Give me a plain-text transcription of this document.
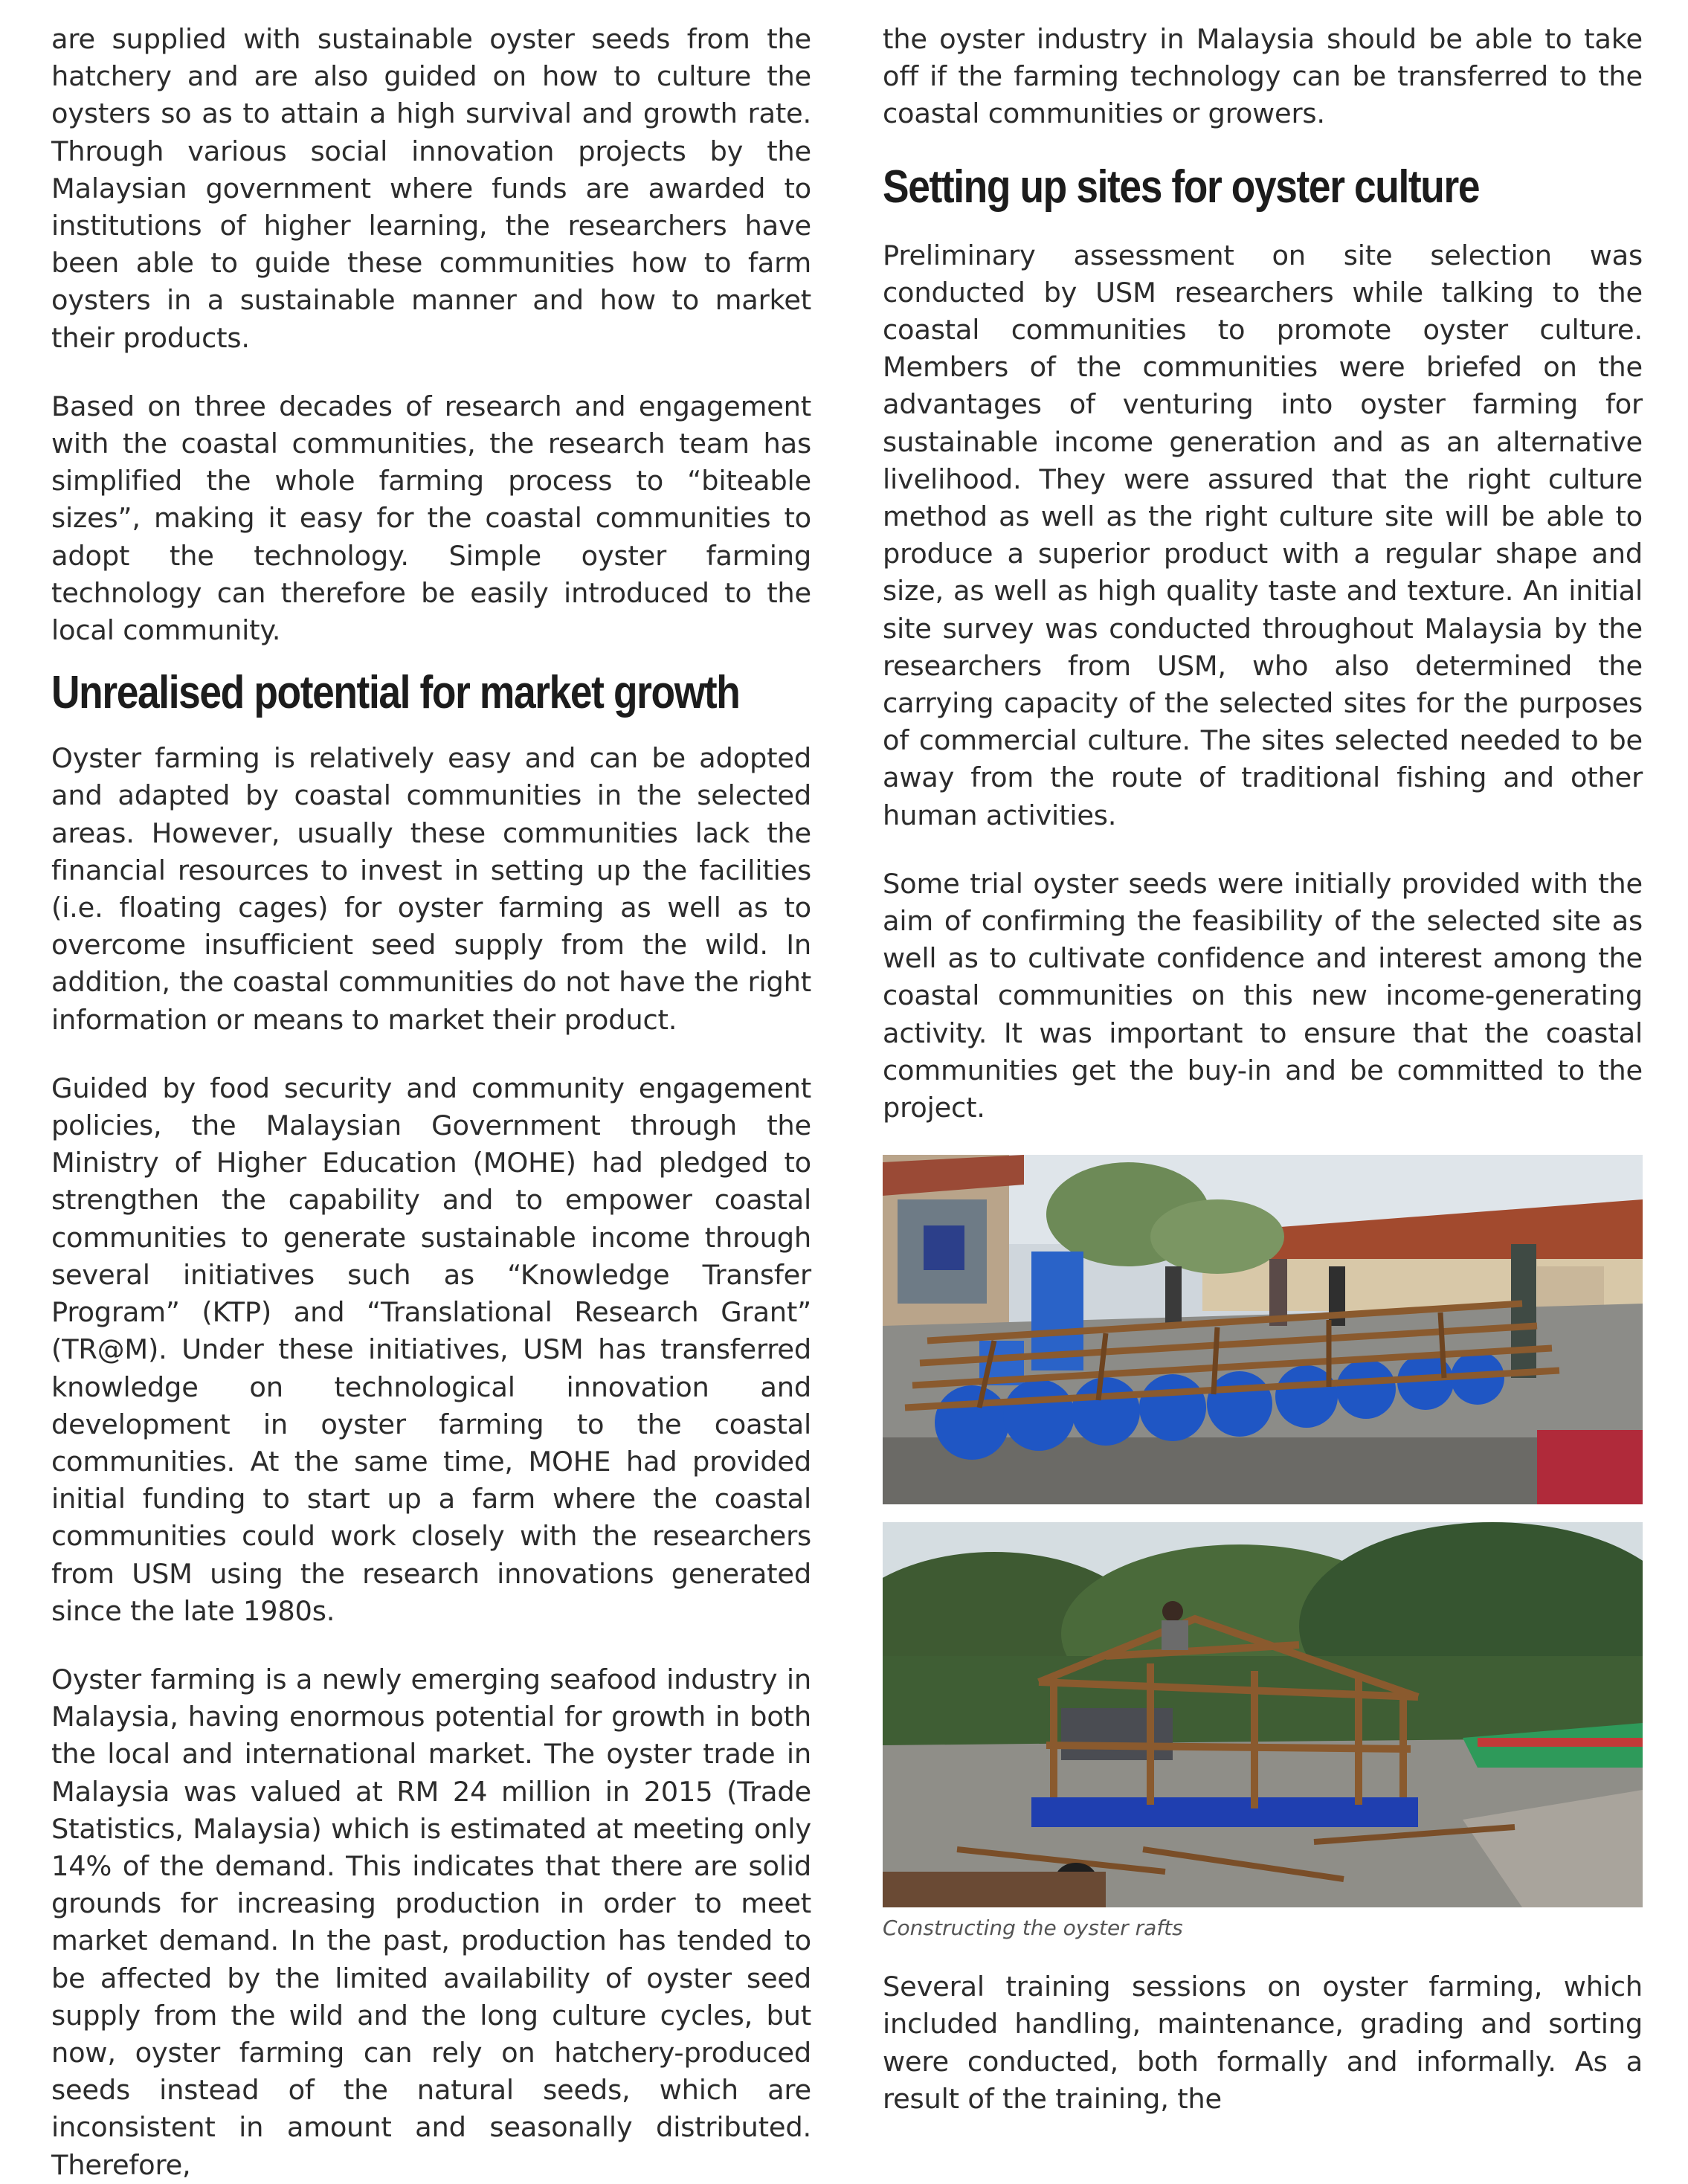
are supplied with sustainable oyster seeds from the hatchery and are also guided on how to culture the oysters so as to attain a high survival and growth rate. Through various social innovation projects by the Malaysian government where funds are awarded to institutions of higher learning, the researchers have been able to guide these communities how to farm oysters in a sustainable manner and how to market their products.

Based on three decades of research and engagement with the coastal communities, the research team has simplified the whole farming process to “biteable sizes”, making it easy for the coastal communities to adopt the technology. Simple oyster farming technology can therefore be easily introduced to the local community.

Unrealised potential for market growth

Oyster farming is relatively easy and can be adopted and adapted by coastal communities in the selected areas. However, usually these communities lack the financial resources to invest in setting up the facilities (i.e. floating cages) for oyster farming as well as to overcome insufficient seed supply from the wild. In addition, the coastal communities do not have the right information or means to market their product.

Guided by food security and community engagement policies, the Malaysian Government through the Ministry of Higher Education (MOHE) had pledged to strengthen the capability and to empower coastal communities to generate sustainable income through several initiatives such as “Knowledge Transfer Program” (KTP) and “Translational Research Grant” (TR@M). Under these initiatives, USM has transferred knowledge on technological innovation and development in oyster farming to the coastal communities. At the same time, MOHE had provided initial funding to start up a farm where the coastal communities could work closely with the researchers from USM using the research innovations generated since the late 1980s.

Oyster farming is a newly emerging seafood industry in Malaysia, having enormous potential for growth in both the local and international market. The oyster trade in Malaysia was valued at RM 24 million in 2015 (Trade Statistics, Malaysia) which is estimated at meeting only 14% of the demand. This indicates that there are solid grounds for increasing production in order to meet market demand. In the past, production has tended to be affected by the limited availability of oyster seed supply from the wild and the long culture cycles, but now, oyster farming can rely on hatchery-produced seeds instead of the natural seeds, which are inconsistent in amount and seasonally distributed. Therefore,

the oyster industry in Malaysia should be able to take off if the farming technology can be transferred to the coastal communities or growers.

Setting up sites for oyster culture

Preliminary assessment on site selection was conducted by USM researchers while talking to the coastal communities to promote oyster culture. Members of the communities were briefed on the advantages of venturing into oyster farming for sustainable income generation and as an alternative livelihood. They were assured that the right culture method as well as the right culture site will be able to produce a superior product with a regular shape and size, as well as high quality taste and texture. An initial site survey was conducted throughout Malaysia by the researchers from USM, who also determined the carrying capacity of the selected sites for the purposes of commercial culture. The sites selected needed to be away from the route of traditional fishing and other human activities.

Some trial oyster seeds were initially provided with the aim of confirming the feasibility of the selected site as well as to cultivate confidence and interest among the coastal communities on this new income-generating activity. It was important to ensure that the coastal communities get the buy-in and be committed to the project.

Constructing the oyster rafts

Several training sessions on oyster farming, which included handling, maintenance, grading and sorting were conducted, both formally and informally. As a result of the training, the
